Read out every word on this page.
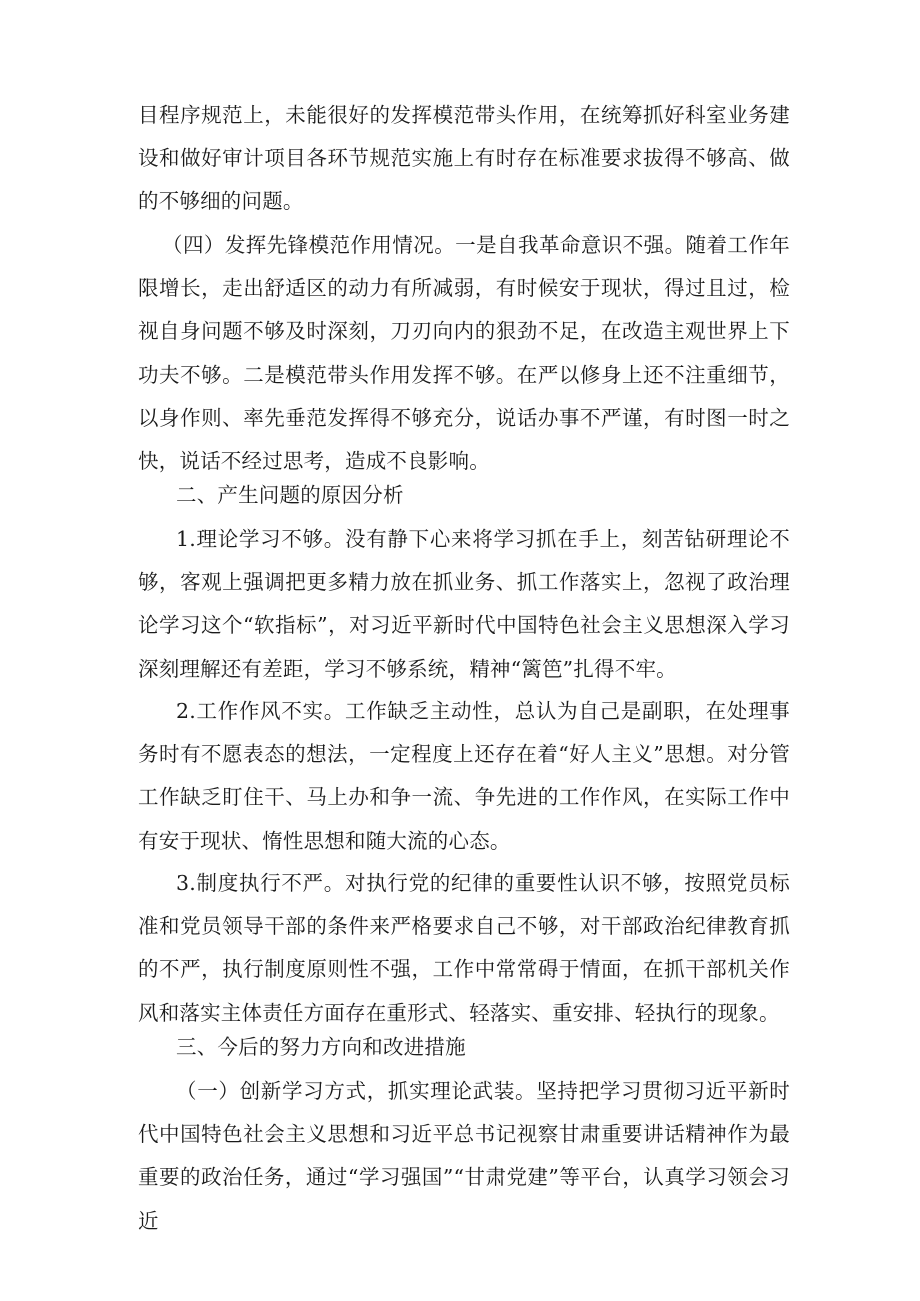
目程序规范上，未能很好的发挥模范带头作用，在统筹抓好科室业务建设和做好审计项目各环节规范实施上有时存在标准要求拔得不够高、做的不够细的问题。

（四）发挥先锋模范作用情况。一是自我革命意识不强。随着工作年限增长，走出舒适区的动力有所减弱，有时候安于现状，得过且过，检视自身问题不够及时深刻，刀刃向内的狠劲不足，在改造主观世界上下功夫不够。二是模范带头作用发挥不够。在严以修身上还不注重细节，以身作则、率先垂范发挥得不够充分，说话办事不严谨，有时图一时之快，说话不经过思考，造成不良影响。

二、产生问题的原因分析

1.理论学习不够。没有静下心来将学习抓在手上，刻苦钻研理论不够，客观上强调把更多精力放在抓业务、抓工作落实上，忽视了政治理论学习这个“软指标”，对习近平新时代中国特色社会主义思想深入学习深刻理解还有差距，学习不够系统，精神“篱笆”扎得不牢。

2.工作作风不实。工作缺乏主动性，总认为自己是副职，在处理事务时有不愿表态的想法，一定程度上还存在着“好人主义”思想。对分管工作缺乏盯住干、马上办和争一流、争先进的工作作风，在实际工作中有安于现状、惰性思想和随大流的心态。

3.制度执行不严。对执行党的纪律的重要性认识不够，按照党员标准和党员领导干部的条件来严格要求自己不够，对干部政治纪律教育抓的不严，执行制度原则性不强，工作中常常碍于情面，在抓干部机关作风和落实主体责任方面存在重形式、轻落实、重安排、轻执行的现象。

三、今后的努力方向和改进措施

（一）创新学习方式，抓实理论武装。坚持把学习贯彻习近平新时代中国特色社会主义思想和习近平总书记视察甘肃重要讲话精神作为最重要的政治任务，通过“学习强国”“甘肃党建”等平台，认真学习领会习近
